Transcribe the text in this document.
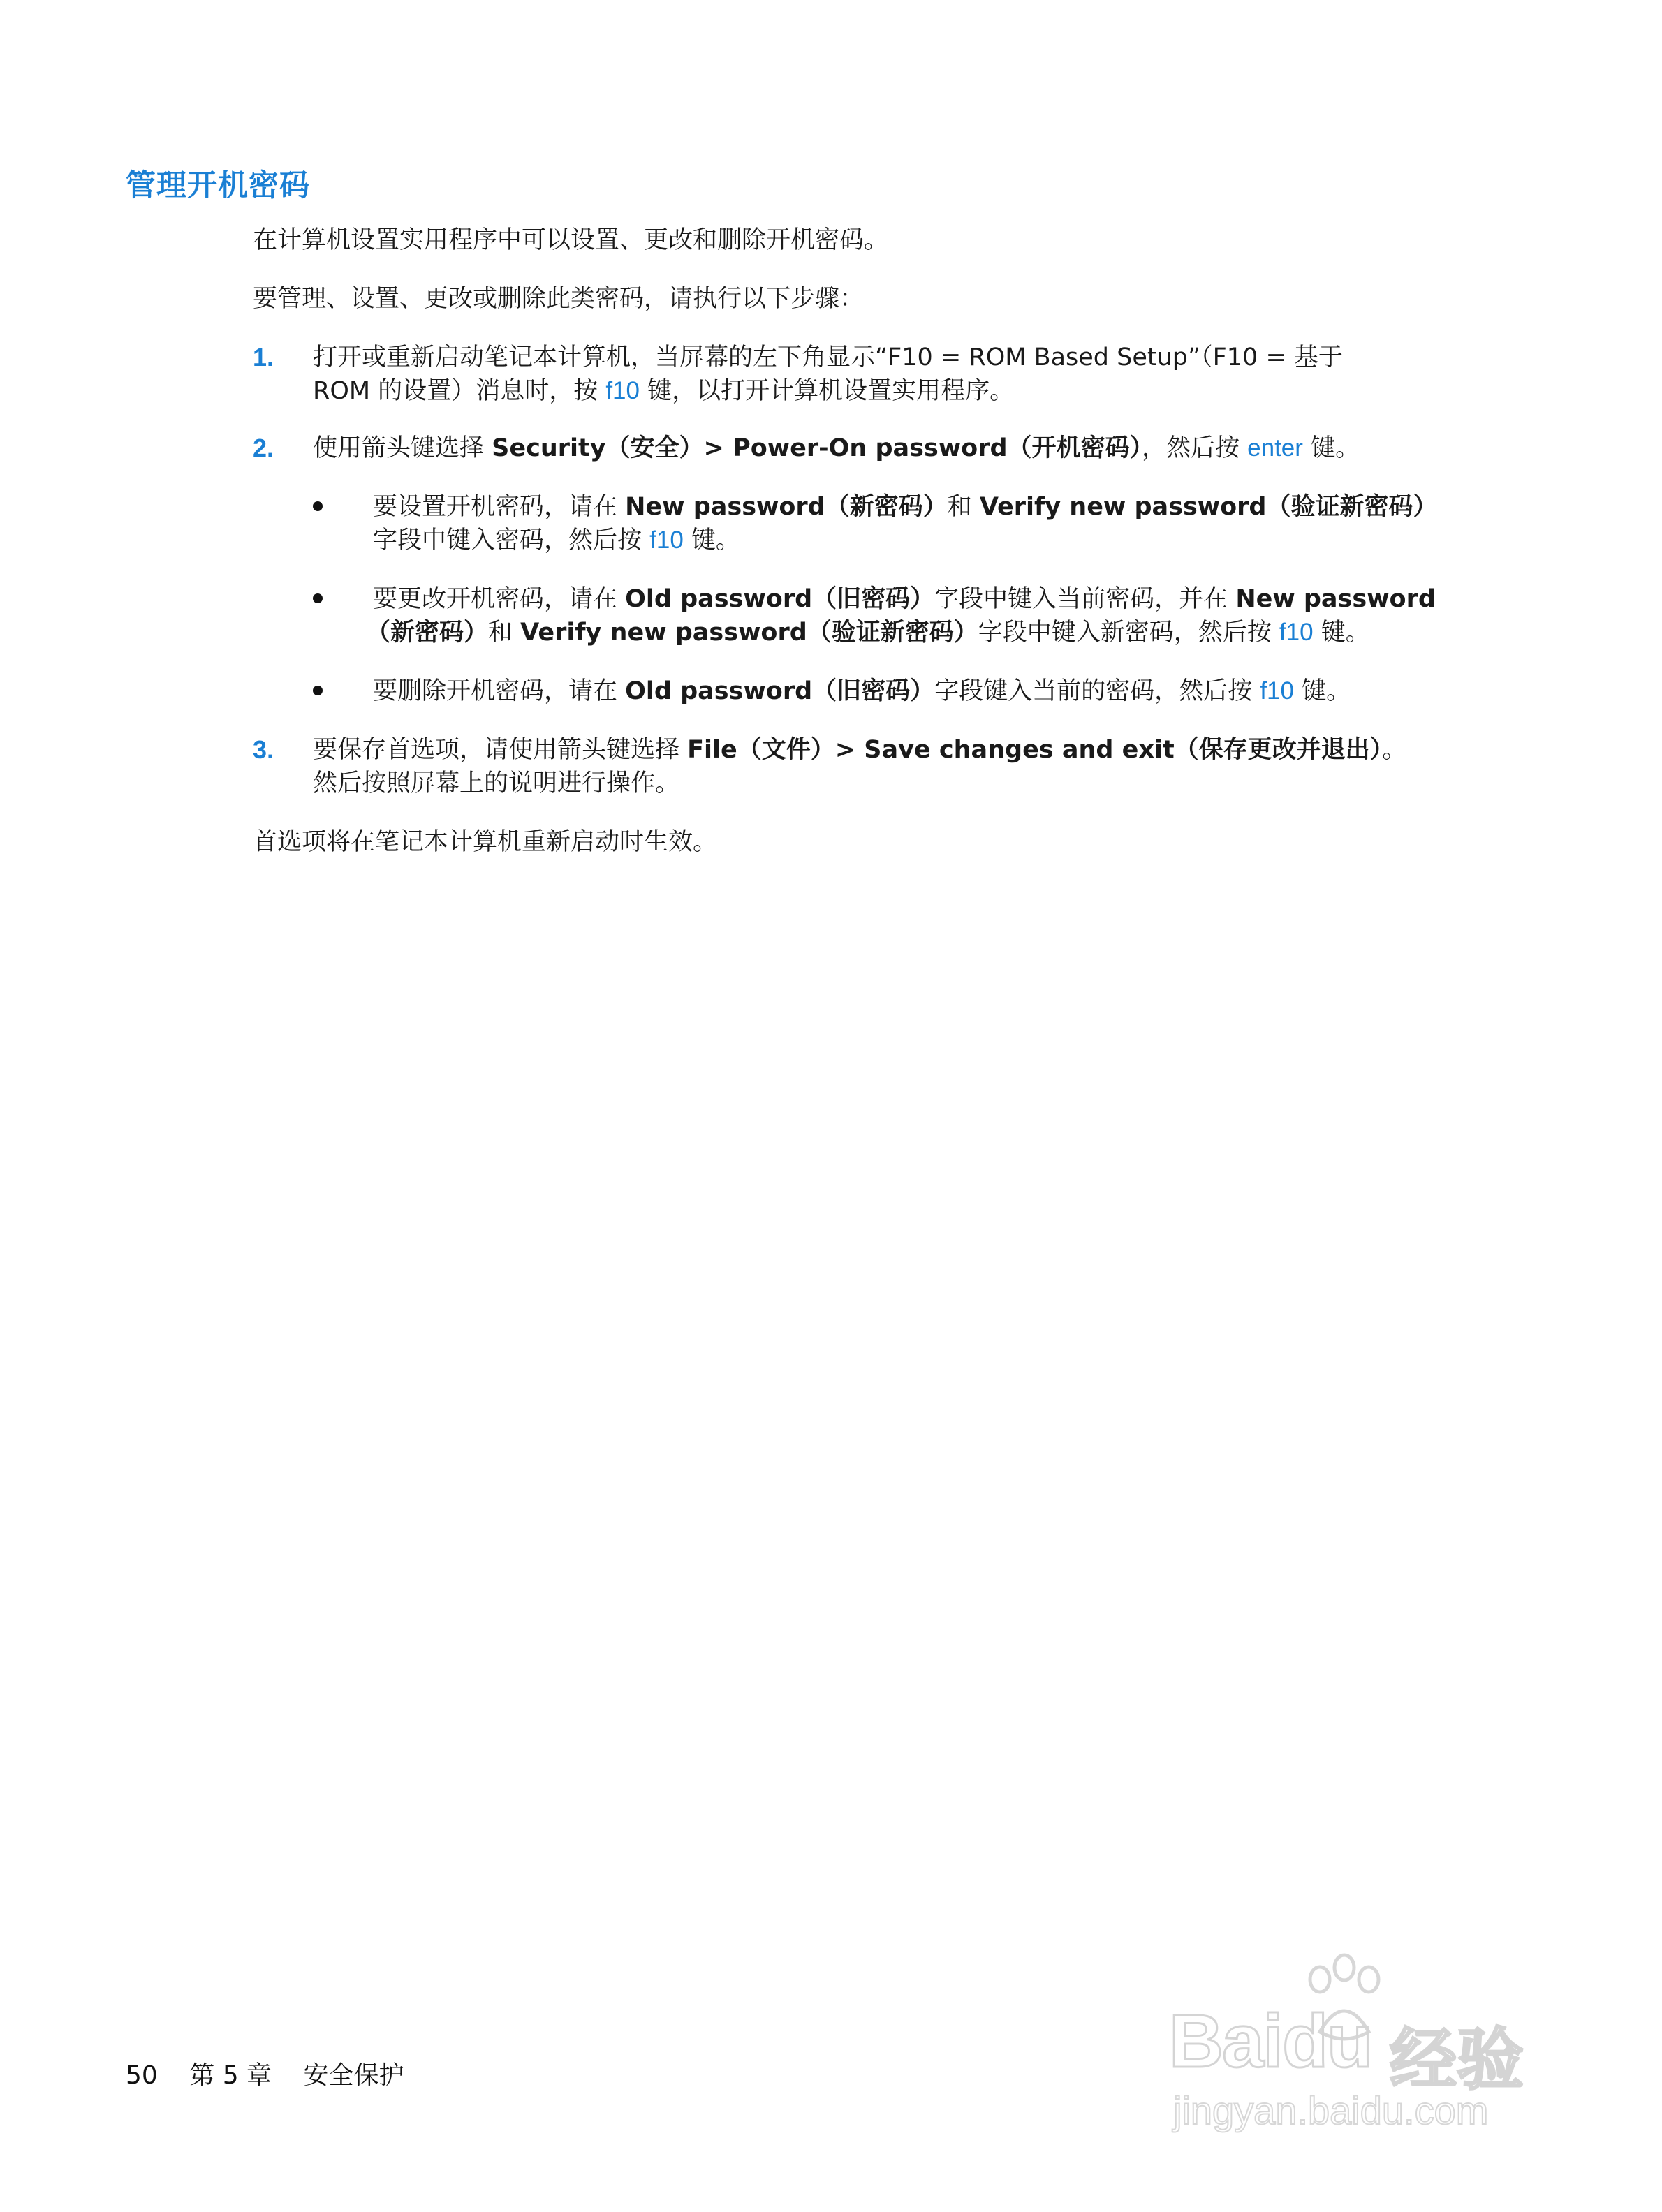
管理开机密码
在计算机设置实用程序中可以设置、更改和删除开机密码。
要管理、设置、更改或删除此类密码，请执行以下步骤：
1. 打开或重新启动笔记本计算机，当屏幕的左下角显示“F10 = ROM Based Setup”（F10 = 基于
ROM 的设置）消息时，按 f10 键，以打开计算机设置实用程序。
2. 使用箭头键选择 Security（安全）> Power-On password（开机密码），然后按 enter 键。
要设置开机密码，请在 New password（新密码）和 Verify new password（验证新密码）
字段中键入密码，然后按 f10 键。
要更改开机密码，请在 Old password（旧密码）字段中键入当前密码，并在 New password
（新密码）和 Verify new password（验证新密码）字段中键入新密码，然后按 f10 键。
要删除开机密码，请在 Old password（旧密码）字段键入当前的密码，然后按 f10 键。
3. 要保存首选项，请使用箭头键选择 File（文件）> Save changes and exit（保存更改并退出）。
然后按照屏幕上的说明进行操作。
首选项将在笔记本计算机重新启动时生效。
50 第 5 章 安全保护	Baidu 经验
jingyan.baidu.com
